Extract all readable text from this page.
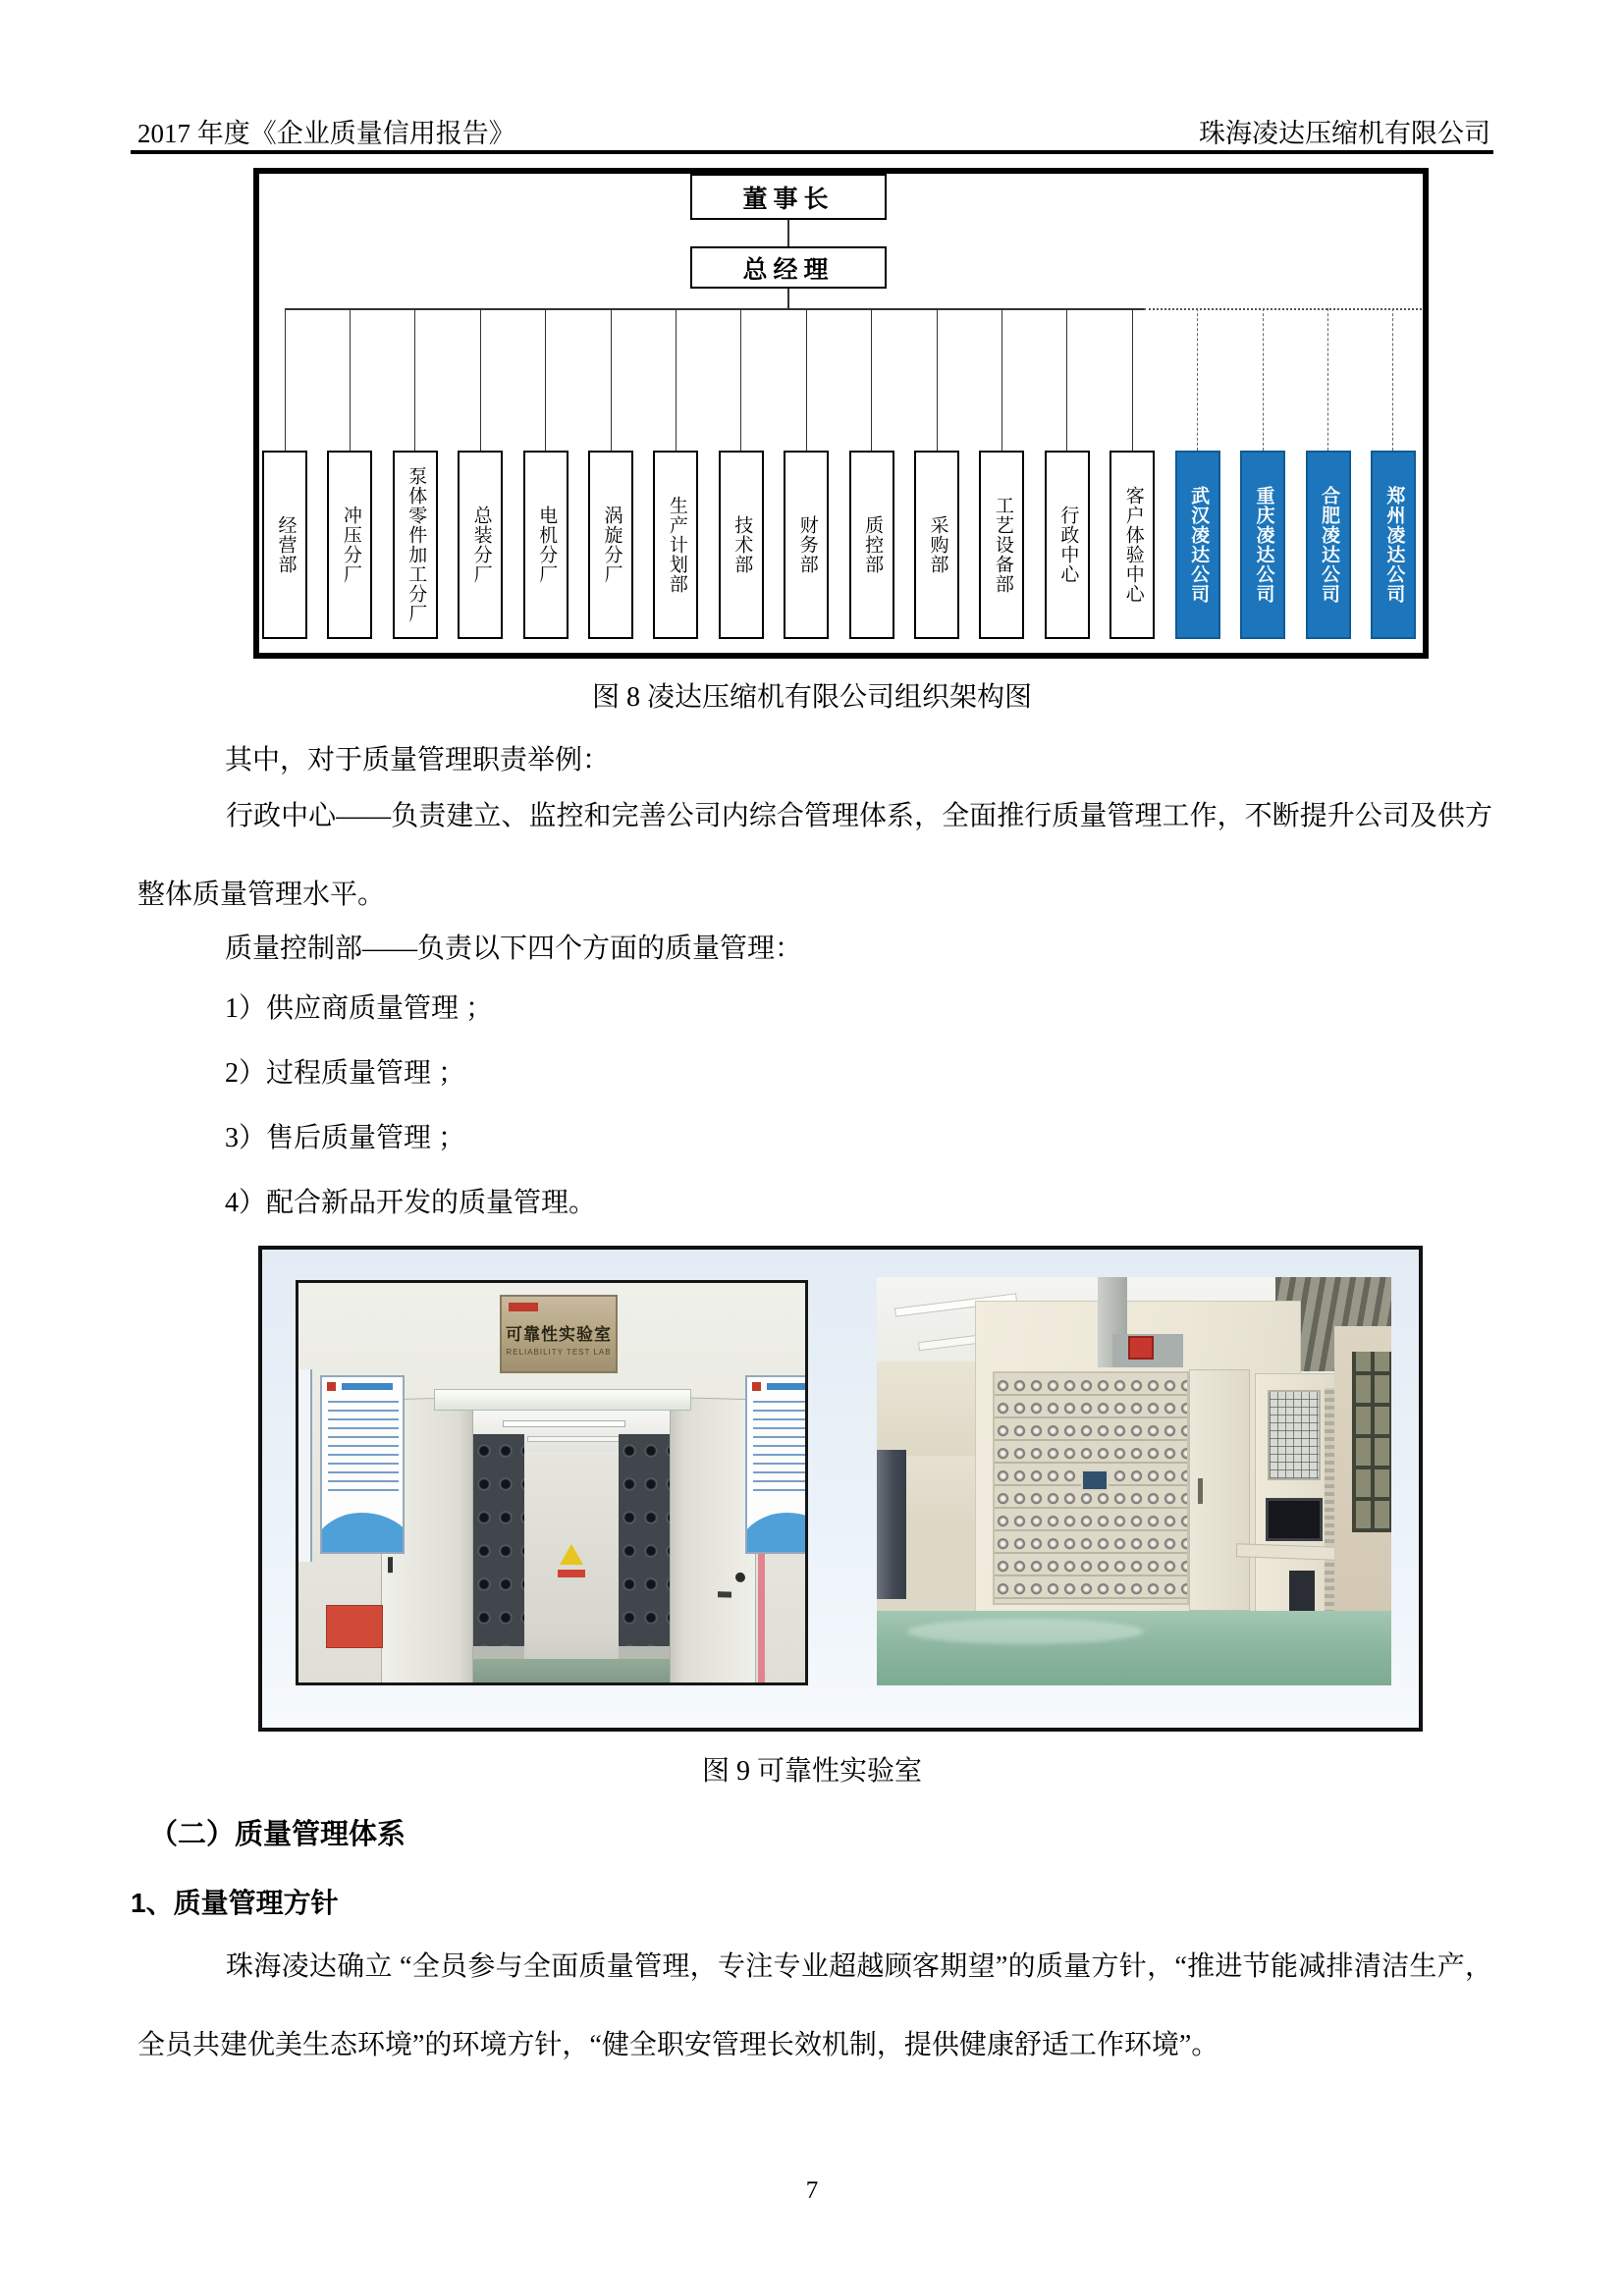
2017 年度《企业质量信用报告》	珠海凌达压缩机有限公司
董事长
总经理
经营部 冲压分厂 泵体零件加工分厂 总装分厂 电机分厂 涡旋分厂 生产计划部 技术部 财务部 质控部 采购部 工艺设备部 行政中心 客户体验中心 武汉凌达公司 重庆凌达公司 合肥凌达公司 郑州凌达公司
图 8 凌达压缩机有限公司组织架构图
其中，对于质量管理职责举例：
行政中心——负责建立、监控和完善公司内综合管理体系，全面推行质量管理工作，不断提升公司及供方整体质量管理水平。
质量控制部——负责以下四个方面的质量管理：
1）供应商质量管理 ；
2）过程质量管理 ；
3）售后质量管理 ；
4）配合新品开发的质量管理。
可靠性实验室
RELIABILITY TEST LAB
图 9 可靠性实验室
（二）质量管理体系
1、质量管理方针
珠海凌达确立 “全员参与全面质量管理，专注专业超越顾客期望”的质量方针，“推进节能减排清洁生产，全员共建优美生态环境”的环境方针，“健全职安管理长效机制，提供健康舒适工作环境”。
7
